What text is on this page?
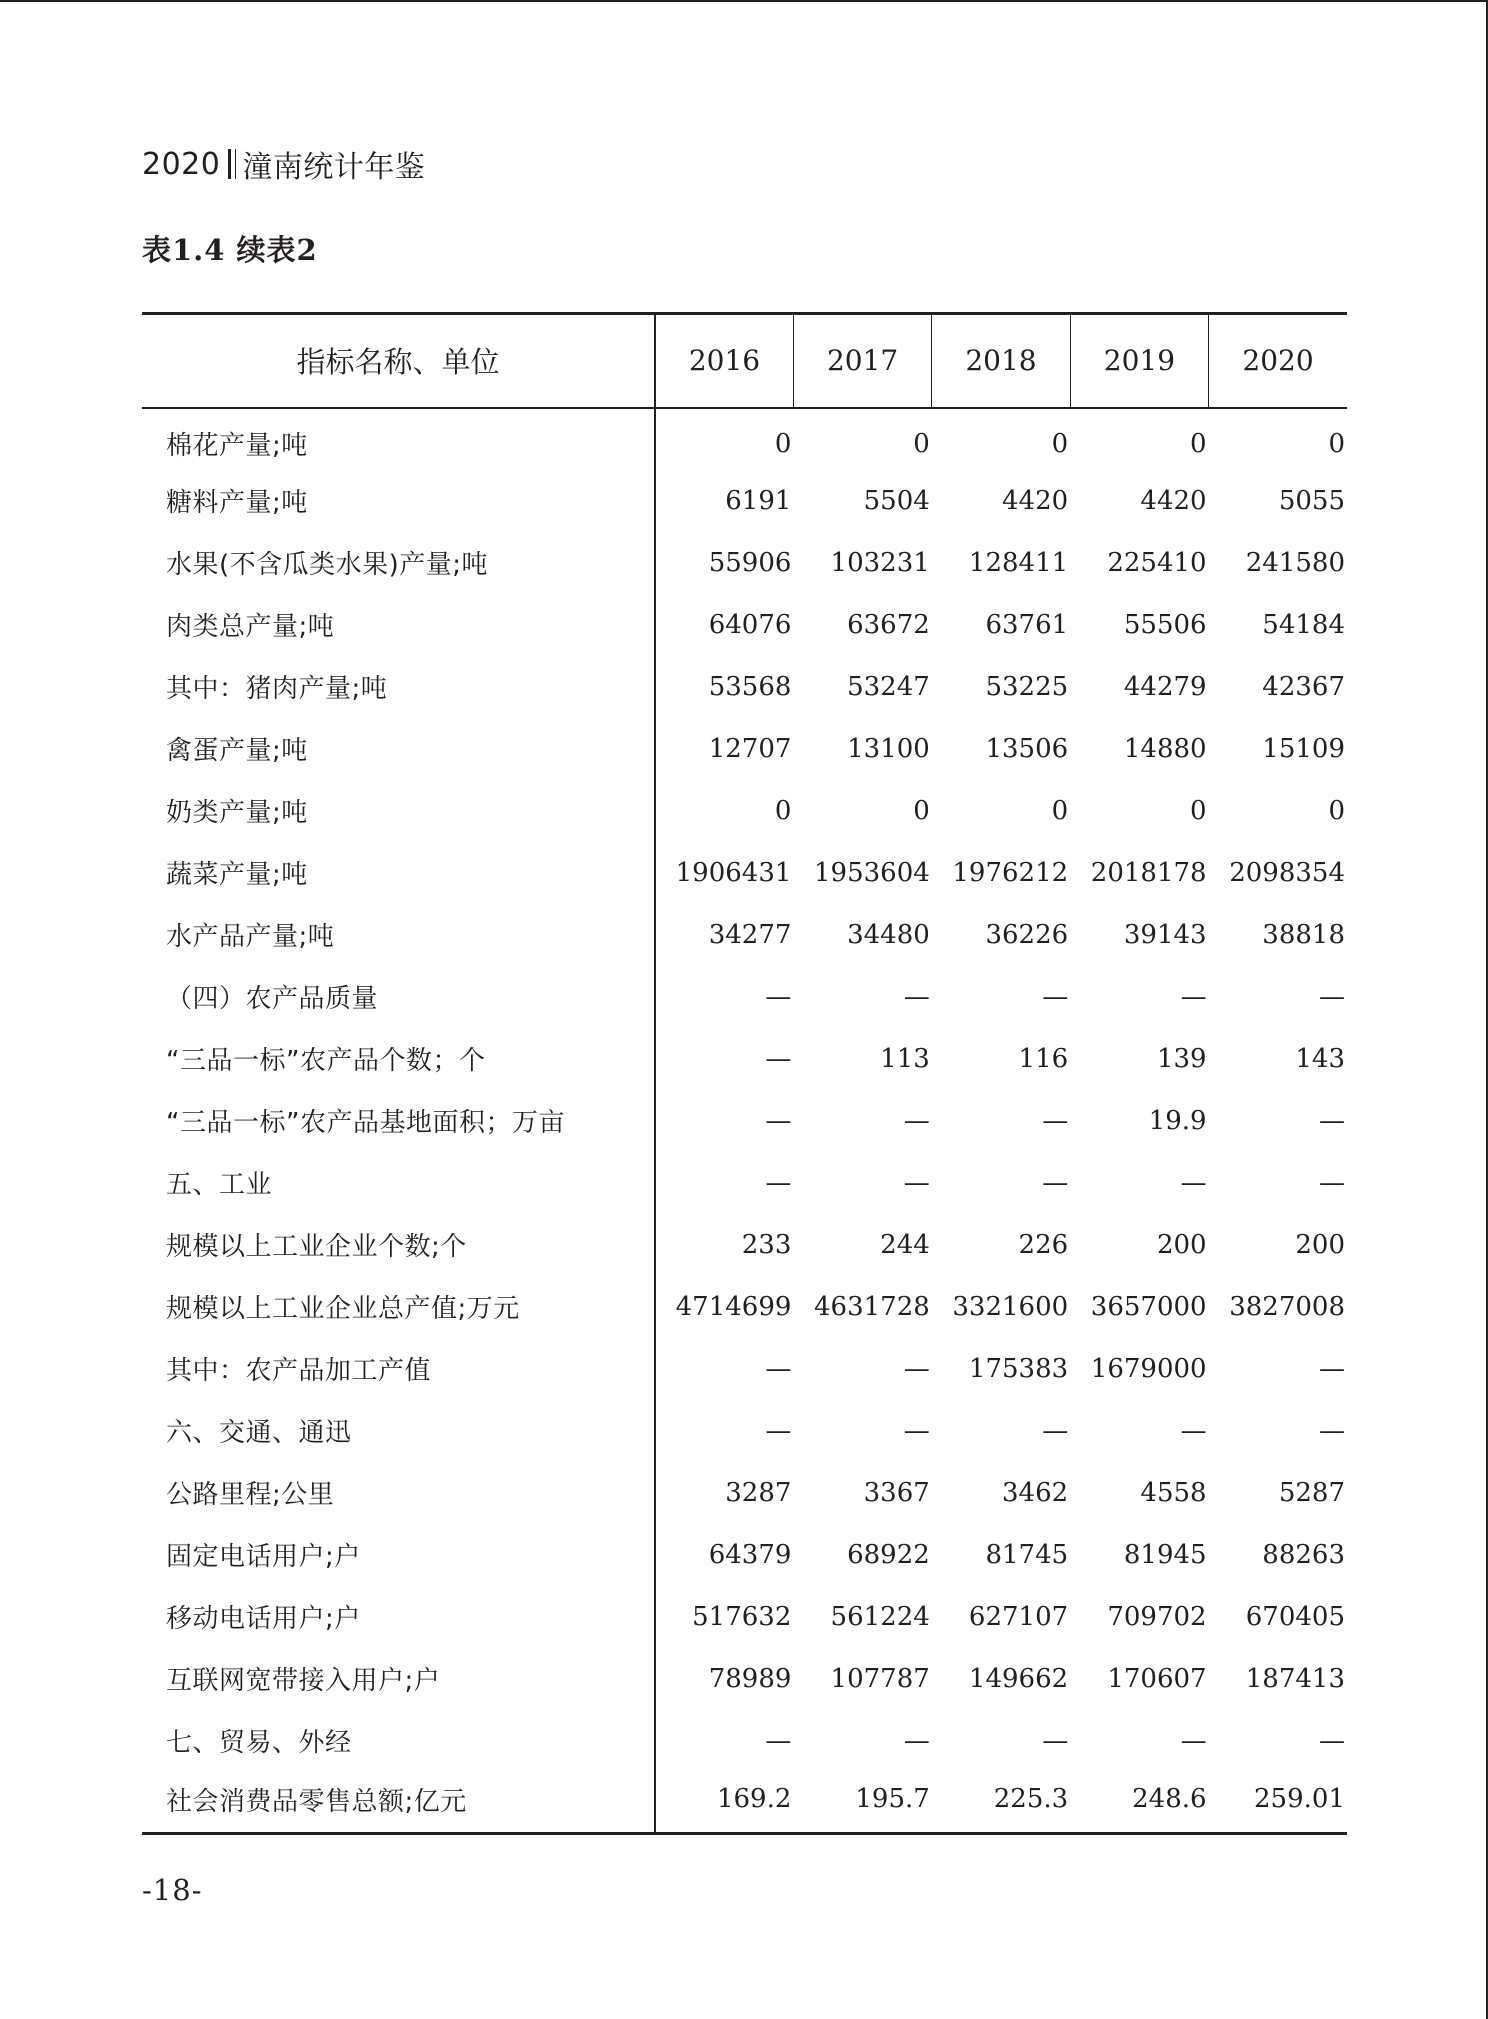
2020 潼南统计年鉴
表1.4 续表2
指标名称、单位	2016	2017	2018	2019	2020
棉花产量;吨	0	0	0	0	0
糖料产量;吨	6191	5504	4420	4420	5055
水果(不含瓜类水果)产量;吨	55906	103231	128411	225410	241580
肉类总产量;吨	64076	63672	63761	55506	54184
其中：猪肉产量;吨	53568	53247	53225	44279	42367
禽蛋产量;吨	12707	13100	13506	14880	15109
奶类产量;吨	0	0	0	0	0
蔬菜产量;吨	1906431	1953604	1976212	2018178	2098354
水产品产量;吨	34277	34480	36226	39143	38818
（四）农产品质量	—	—	—	—	—
“三品一标”农产品个数；个	—	113	116	139	143
“三品一标”农产品基地面积；万亩	—	—	—	19.9	—
五、工业	—	—	—	—	—
规模以上工业企业个数;个	233	244	226	200	200
规模以上工业企业总产值;万元	4714699	4631728	3321600	3657000	3827008
其中：农产品加工产值	—	—	175383	1679000	—
六、交通、通迅	—	—	—	—	—
公路里程;公里	3287	3367	3462	4558	5287
固定电话用户;户	64379	68922	81745	81945	88263
移动电话用户;户	517632	561224	627107	709702	670405
互联网宽带接入用户;户	78989	107787	149662	170607	187413
七、贸易、外经	—	—	—	—	—
社会消费品零售总额;亿元	169.2	195.7	225.3	248.6	259.01
-18-
